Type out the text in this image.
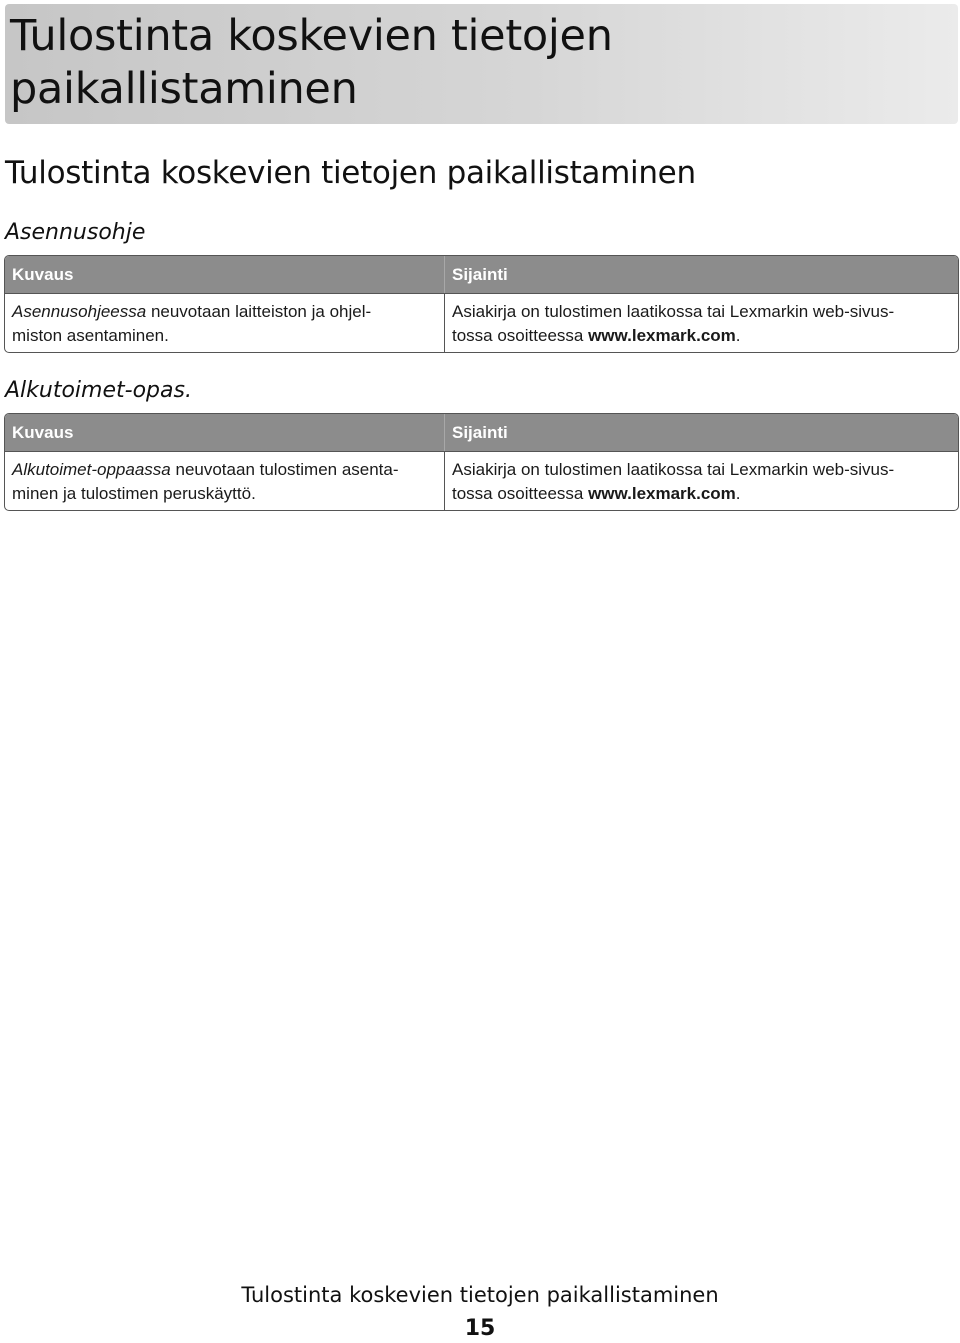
Tulostinta koskevien tietojen
paikallistaminen
Tulostinta koskevien tietojen paikallistaminen
Asennusohje
Kuvaus	Sijainti
Asennusohjeessa neuvotaan laitteiston ja ohjel-
miston asentaminen.
Asiakirja on tulostimen laatikossa tai Lexmarkin web-sivus-
tossa osoitteessa www.lexmark.com.
Alkutoimet-opas.
Kuvaus	Sijainti
Alkutoimet-oppaassa neuvotaan tulostimen asenta-
minen ja tulostimen peruskäyttö.
Asiakirja on tulostimen laatikossa tai Lexmarkin web-sivus-
tossa osoitteessa www.lexmark.com.
Tulostinta koskevien tietojen paikallistaminen
15
